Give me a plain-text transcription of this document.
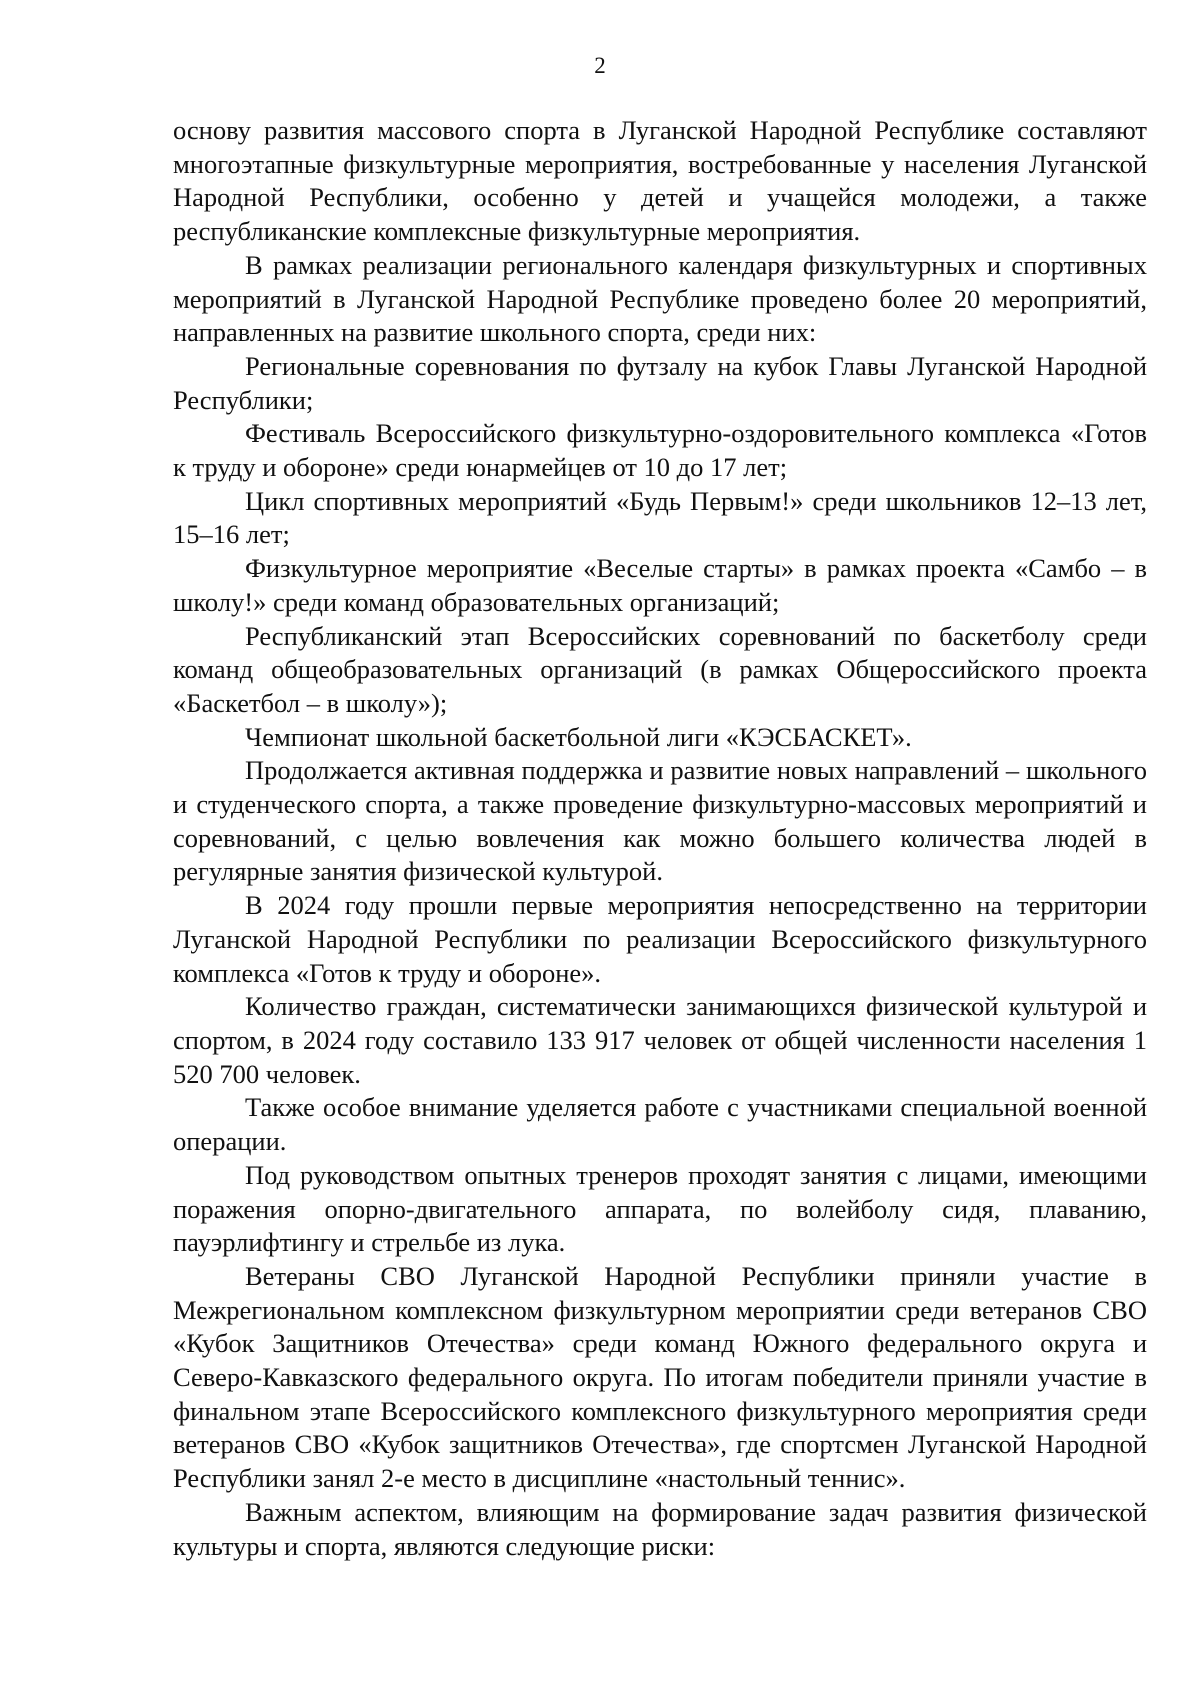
2

основу развития массового спорта в Луганской Народной Республике составляют многоэтапные физкультурные мероприятия, востребованные у населения Луганской Народной Республики, особенно у детей и учащейся молодежи, а также республиканские комплексные физкультурные мероприятия.

В рамках реализации регионального календаря физкультурных и спортивных мероприятий в Луганской Народной Республике проведено более 20 мероприятий, направленных на развитие школьного спорта, среди них:

Региональные соревнования по футзалу на кубок Главы Луганской Народной Республики;

Фестиваль Всероссийского физкультурно-оздоровительного комплекса «Готов к труду и обороне» среди юнармейцев от 10 до 17 лет;

Цикл спортивных мероприятий «Будь Первым!» среди школьников 12–13 лет, 15–16 лет;

Физкультурное мероприятие «Веселые старты» в рамках проекта «Самбо – в школу!» среди команд образовательных организаций;

Республиканский этап Всероссийских соревнований по баскетболу среди команд общеобразовательных организаций (в рамках Общероссийского проекта «Баскетбол – в школу»);

Чемпионат школьной баскетбольной лиги «КЭСБАСКЕТ».

Продолжается активная поддержка и развитие новых направлений – школьного и студенческого спорта, а также проведение физкультурно-массовых мероприятий и соревнований, с целью вовлечения как можно большего количества людей в регулярные занятия физической культурой.

В 2024 году прошли первые мероприятия непосредственно на территории Луганской Народной Республики по реализации Всероссийского физкультурного комплекса «Готов к труду и обороне».

Количество граждан, систематически занимающихся физической культурой и спортом, в 2024 году составило 133 917 человек от общей численности населения 1 520 700 человек.

Также особое внимание уделяется работе с участниками специальной военной операции.

Под руководством опытных тренеров проходят занятия с лицами, имеющими поражения опорно-двигательного аппарата, по волейболу сидя, плаванию, пауэрлифтингу и стрельбе из лука.

Ветераны СВО Луганской Народной Республики приняли участие в Межрегиональном комплексном физкультурном мероприятии среди ветеранов СВО «Кубок Защитников Отечества» среди команд Южного федерального округа и Северо-Кавказского федерального округа. По итогам победители приняли участие в финальном этапе Всероссийского комплексного физкультурного мероприятия среди ветеранов СВО «Кубок защитников Отечества», где спортсмен Луганской Народной Республики занял 2-е место в дисциплине «настольный теннис».

Важным аспектом, влияющим на формирование задач развития физической культуры и спорта, являются следующие риски:
